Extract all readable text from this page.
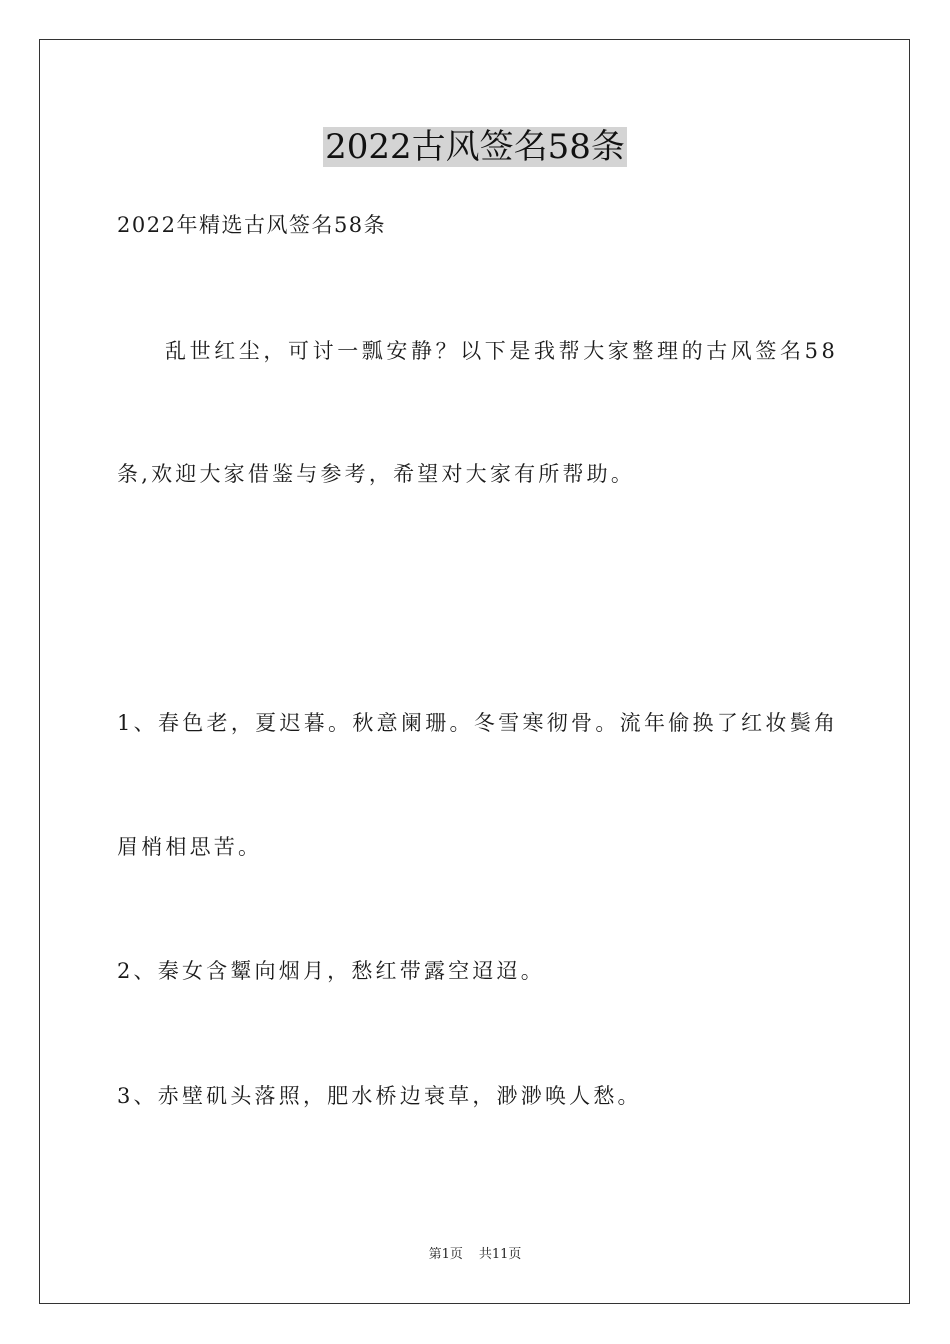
2022古风签名58条
2022年精选古风签名58条
乱世红尘，可讨一瓢安静？以下是我帮大家整理的古风签名58
条,欢迎大家借鉴与参考，希望对大家有所帮助。
1、春色老，夏迟暮。秋意阑珊。冬雪寒彻骨。流年偷换了红妆鬓角
眉梢相思苦。
2、秦女含颦向烟月，愁红带露空迢迢。
3、赤壁矶头落照，肥水桥边衰草，渺渺唤人愁。
第1页 共11页
